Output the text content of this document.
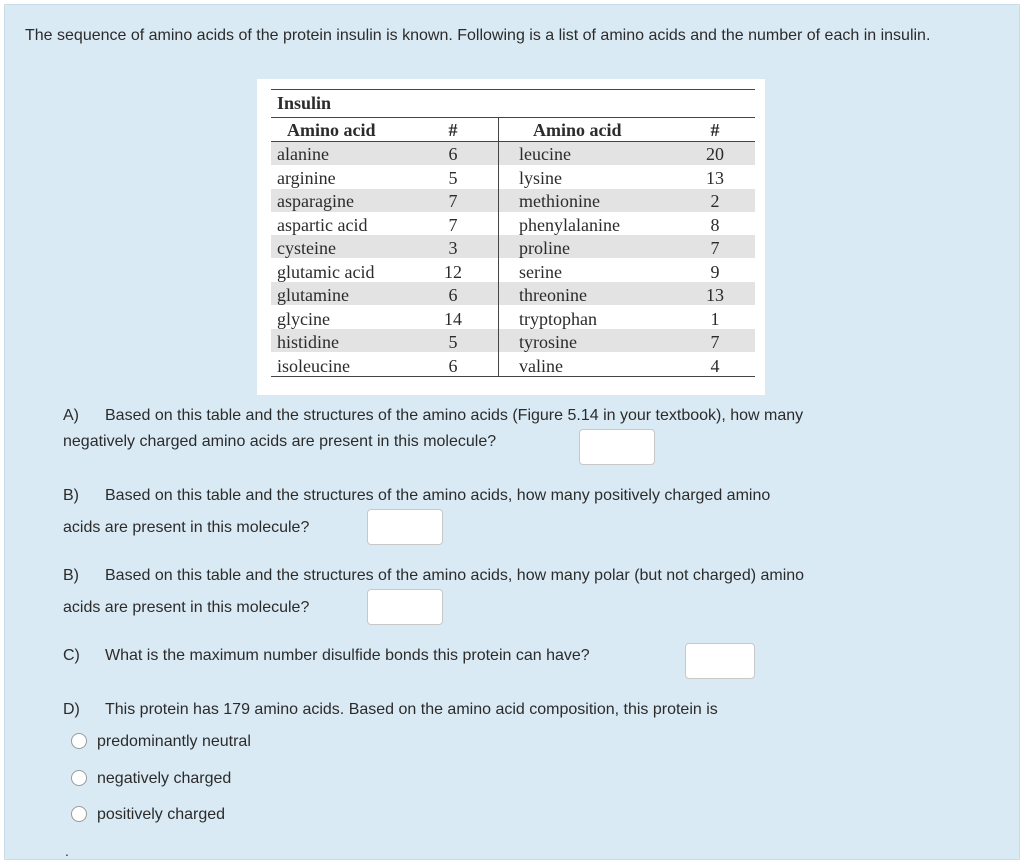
The sequence of amino acids of the protein insulin is known. Following is a list of amino acids and the number of each in insulin.
Insulin
Amino acid	#	Amino acid	#
alanine	6	leucine	20
arginine	5	lysine	13
asparagine	7	methionine	2
aspartic acid	7	phenylalanine	8
cysteine	3	proline	7
glutamic acid	12	serine	9
glutamine	6	threonine	13
glycine	14	tryptophan	1
histidine	5	tyrosine	7
isoleucine	6	valine	4
A) Based on this table and the structures of the amino acids (Figure 5.14 in your textbook), how many
negatively charged amino acids are present in this molecule?
B) Based on this table and the structures of the amino acids, how many positively charged amino
acids are present in this molecule?
B) Based on this table and the structures of the amino acids, how many polar (but not charged) amino
acids are present in this molecule?
C) What is the maximum number disulfide bonds this protein can have?
D) This protein has 179 amino acids. Based on the amino acid composition, this protein is
predominantly neutral
negatively charged
positively charged
.
